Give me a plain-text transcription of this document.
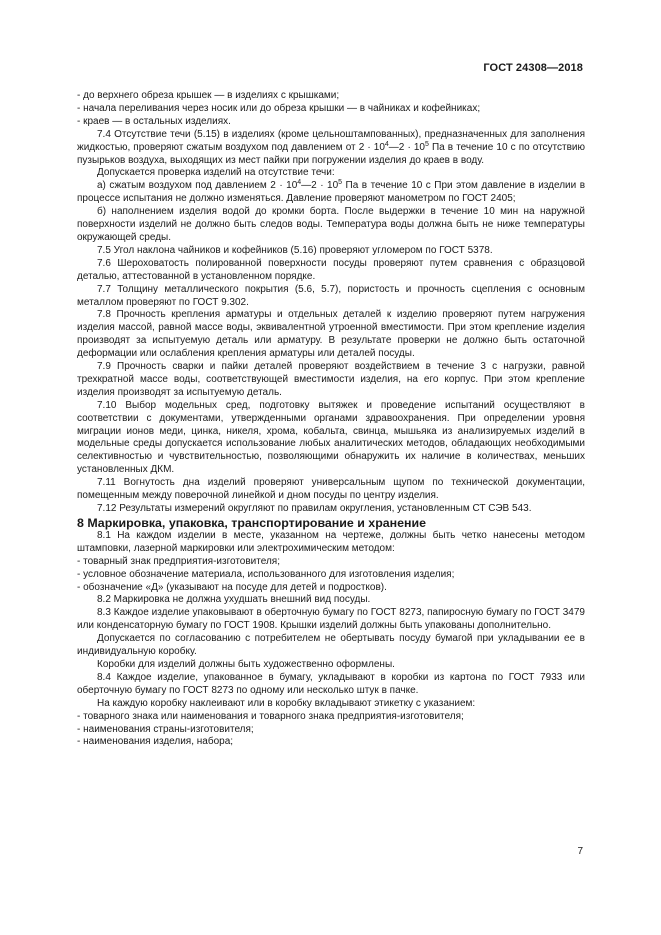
ГОСТ 24308—2018
- до верхнего обреза крышек — в изделиях с крышками;
- начала переливания через носик или до обреза крышки — в чайниках и кофейниках;
- краев — в остальных изделиях.

7.4 Отсутствие течи (5.15) в изделиях (кроме цельноштампованных), предназначенных для заполнения жидкостью, проверяют сжатым воздухом под давлением от $2 \cdot 10^4—2 \cdot 10^5$ Па в течение 10 с по отсутствию пузырьков воздуха, выходящих из мест пайки при погружении изделия до краев в воду.

Допускается проверка изделий на отсутствие течи:

а) сжатым воздухом под давлением $2 \cdot 10^4—2 \cdot 10^5$ Па в течение 10 с При этом давление в изделии в процессе испытания не должно изменяться. Давление проверяют манометром по ГОСТ 2405;

б) наполнением изделия водой до кромки борта. После выдержки в течение 10 мин на наружной поверхности изделий не должно быть следов воды. Температура воды должна быть не ниже температуры окружающей среды.

7.5 Угол наклона чайников и кофейников (5.16) проверяют угломером по ГОСТ 5378.

7.6 Шероховатость полированной поверхности посуды проверяют путем сравнения с образцовой деталью, аттестованной в установленном порядке.

7.7 Толщину металлического покрытия (5.6, 5.7), пористость и прочность сцепления с основным металлом проверяют по ГОСТ 9.302.

7.8 Прочность крепления арматуры и отдельных деталей к изделию проверяют путем нагружения изделия массой, равной массе воды, эквивалентной утроенной вместимости. При этом крепление изделия производят за испытуемую деталь или арматуру. В результате проверки не должно быть остаточной деформации или ослабления крепления арматуры или деталей посуды.

7.9 Прочность сварки и пайки деталей проверяют воздействием в течение 3 с нагрузки, равной трехкратной массе воды, соответствующей вместимости изделия, на его корпус. При этом крепление изделия производят за испытуемую деталь.

7.10 Выбор модельных сред, подготовку вытяжек и проведение испытаний осуществляют в соответствии с документами, утвержденными органами здравоохранения. При определении уровня миграции ионов меди, цинка, никеля, хрома, кобальта, свинца, мышьяка из анализируемых изделий в модельные среды допускается использование любых аналитических методов, обладающих необходимыми селективностью и чувствительностью, позволяющими обнаружить их наличие в количествах, меньших установленных ДКМ.

7.11 Вогнутость дна изделий проверяют универсальным щупом по технической документации, помещенным между поверочной линейкой и дном посуды по центру изделия.

7.12 Результаты измерений округляют по правилам округления, установленным СТ СЭВ 543.

8 Маркировка, упаковка, транспортирование и хранение

8.1 На каждом изделии в месте, указанном на чертеже, должны быть четко нанесены методом штамповки, лазерной маркировки или электрохимическим методом:

- товарный знак предприятия-изготовителя;
- условное обозначение материала, использованного для изготовления изделия;
- обозначение «Д» (указывают на посуде для детей и подростков).

8.2 Маркировка не должна ухудшать внешний вид посуды.

8.3 Каждое изделие упаковывают в оберточную бумагу по ГОСТ 8273, папиросную бумагу по ГОСТ 3479 или конденсаторную бумагу по ГОСТ 1908. Крышки изделий должны быть упакованы дополнительно.

Допускается по согласованию с потребителем не обертывать посуду бумагой при укладывании ее в индивидуальную коробку.

Коробки для изделий должны быть художественно оформлены.

8.4 Каждое изделие, упакованное в бумагу, укладывают в коробки из картона по ГОСТ 7933 или оберточную бумагу по ГОСТ 8273 по одному или несколько штук в пачке.

На каждую коробку наклеивают или в коробку вкладывают этикетку с указанием:

- товарного знака или наименования и товарного знака предприятия-изготовителя;
- наименования страны-изготовителя;
- наименования изделия, набора;
7
